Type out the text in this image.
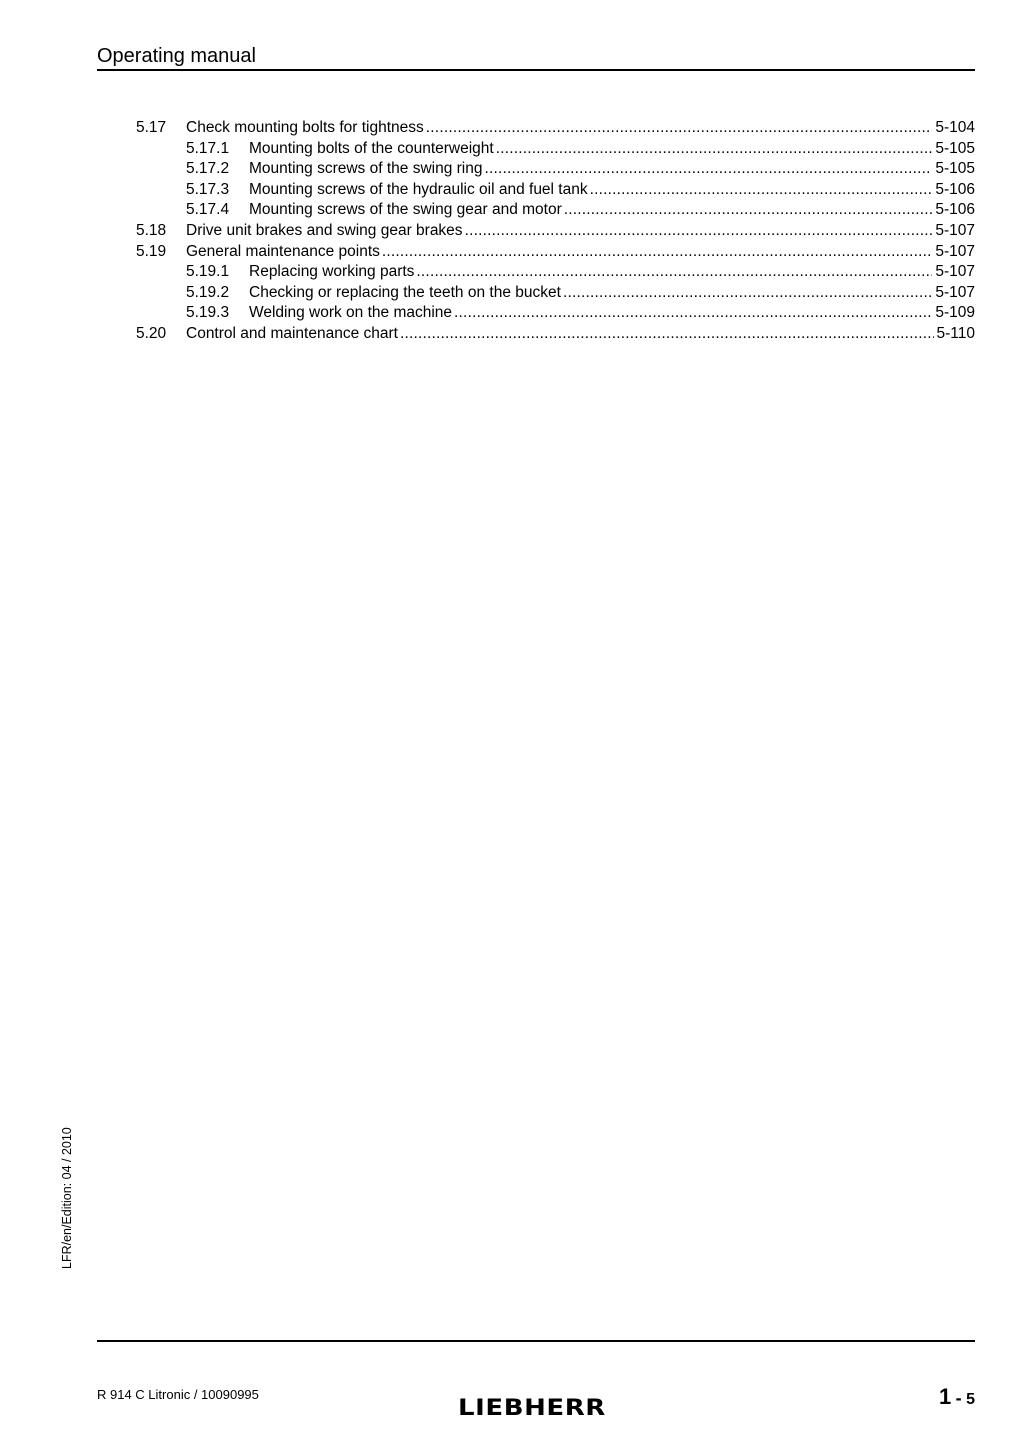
Operating manual
5.17 Check mounting bolts for tightness .....	5-104
5.17.1 Mounting bolts of the counterweight .....	5-105
5.17.2 Mounting screws of the swing ring .....	5-105
5.17.3 Mounting screws of the hydraulic oil and fuel tank .....	5-106
5.17.4 Mounting screws of the swing gear and motor .....	5-106
5.18 Drive unit brakes and swing gear brakes .....	5-107
5.19 General maintenance points .....	5-107
5.19.1 Replacing working parts .....	5-107
5.19.2 Checking or replacing the teeth on the bucket .....	5-107
5.19.3 Welding work on the machine .....	5-109
5.20 Control and maintenance chart .....	5-110
LFR/en/Edition: 04 / 2010
R 914 C Litronic / 10090995
LIEBHERR	1 - 5
